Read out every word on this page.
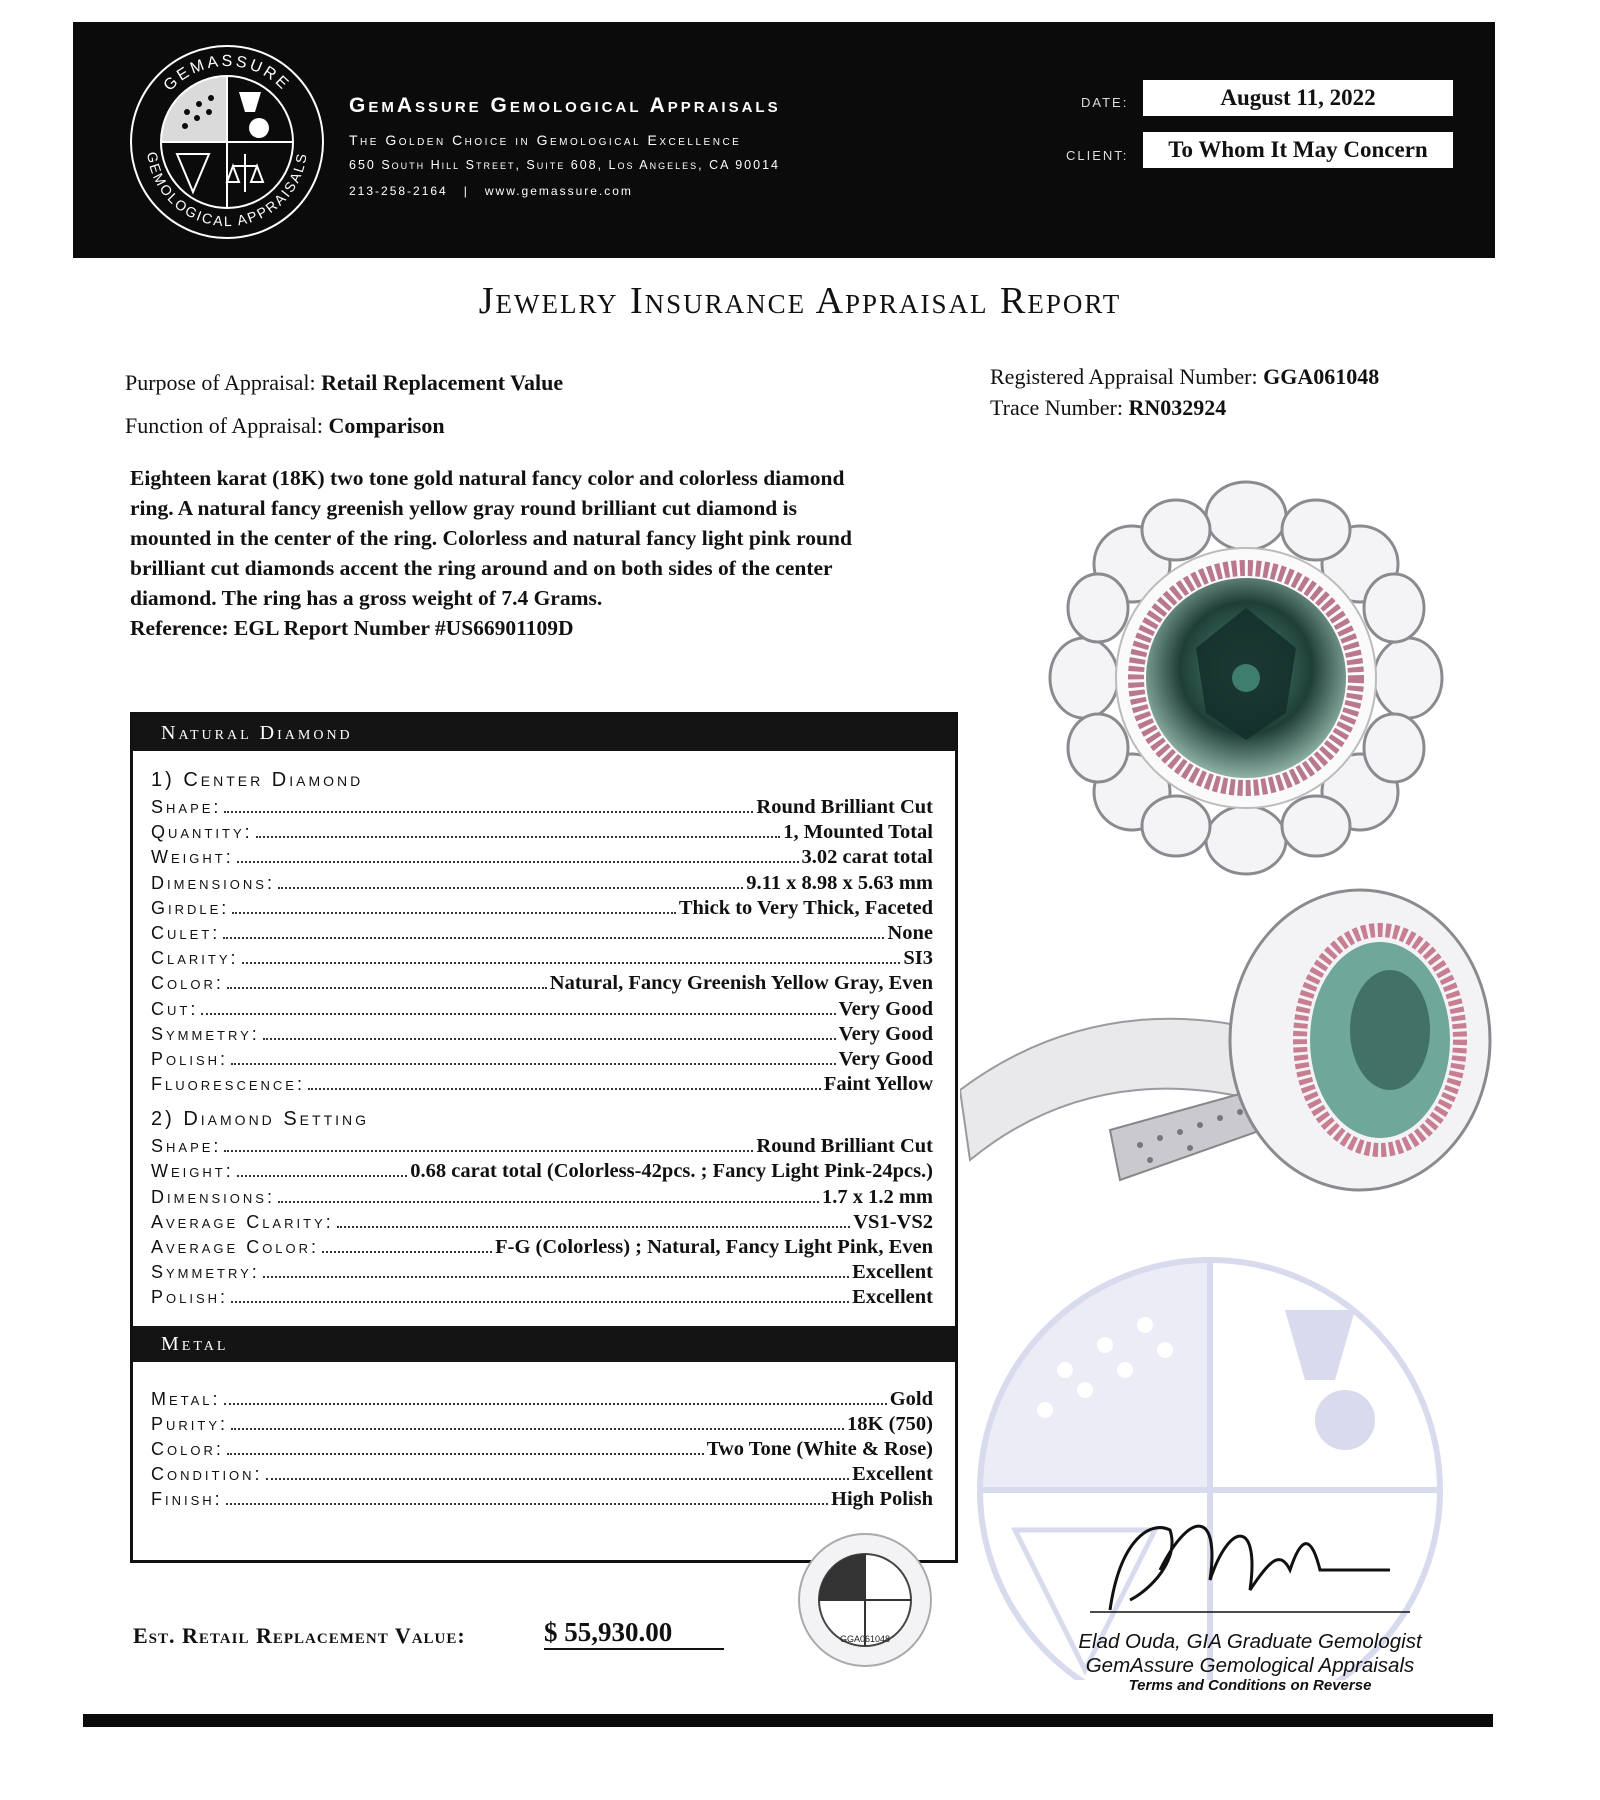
GEMASSURE
GEMOLOGICAL APPRAISALS
GemAssure Gemological Appraisals
The Golden Choice in Gemological Excellence
650 South Hill Street, Suite 608, Los Angeles, CA 90014
213-258-2164 | www.gemassure.com
DATE:	August 11, 2022
CLIENT:	To Whom It May Concern
Jewelry Insurance Appraisal Report
Purpose of Appraisal: Retail Replacement Value
Function of Appraisal: Comparison
Registered Appraisal Number: GGA061048
Trace Number: RN032924
Eighteen karat (18K) two tone gold natural fancy color and colorless diamond ring. A natural fancy greenish yellow gray round brilliant cut diamond is mounted in the center of the ring. Colorless and natural fancy light pink round brilliant cut diamonds accent the ring around and on both sides of the center diamond. The ring has a gross weight of 7.4 Grams.
Reference: EGL Report Number #US66901109D
Natural Diamond
1) Center Diamond
Shape:	Round Brilliant Cut
Quantity:	1, Mounted Total
Weight:	3.02 carat total
Dimensions:	9.11 x 8.98 x 5.63 mm
Girdle:	Thick to Very Thick, Faceted
Culet:	None
Clarity:	SI3
Color:	Natural, Fancy Greenish Yellow Gray, Even
Cut:	Very Good
Symmetry:	Very Good
Polish:	Very Good
Fluorescence:	Faint Yellow
2) Diamond Setting
Shape:	Round Brilliant Cut
Weight:	0.68 carat total (Colorless-42pcs. ; Fancy Light Pink-24pcs.)
Dimensions:	1.7 x 1.2 mm
Average Clarity:	VS1-VS2
Average Color:	F-G (Colorless) ; Natural, Fancy Light Pink, Even
Symmetry:	Excellent
Polish:	Excellent
Metal
Metal:	Gold
Purity:	18K (750)
Color:	Two Tone (White & Rose)
Condition:	Excellent
Finish:	High Polish
Est. Retail Replacement Value:	$ 55,930.00	GGA061048	Elad Ouda, GIA Graduate Gemologist
GemAssure Gemological Appraisals
Terms and Conditions on Reverse
